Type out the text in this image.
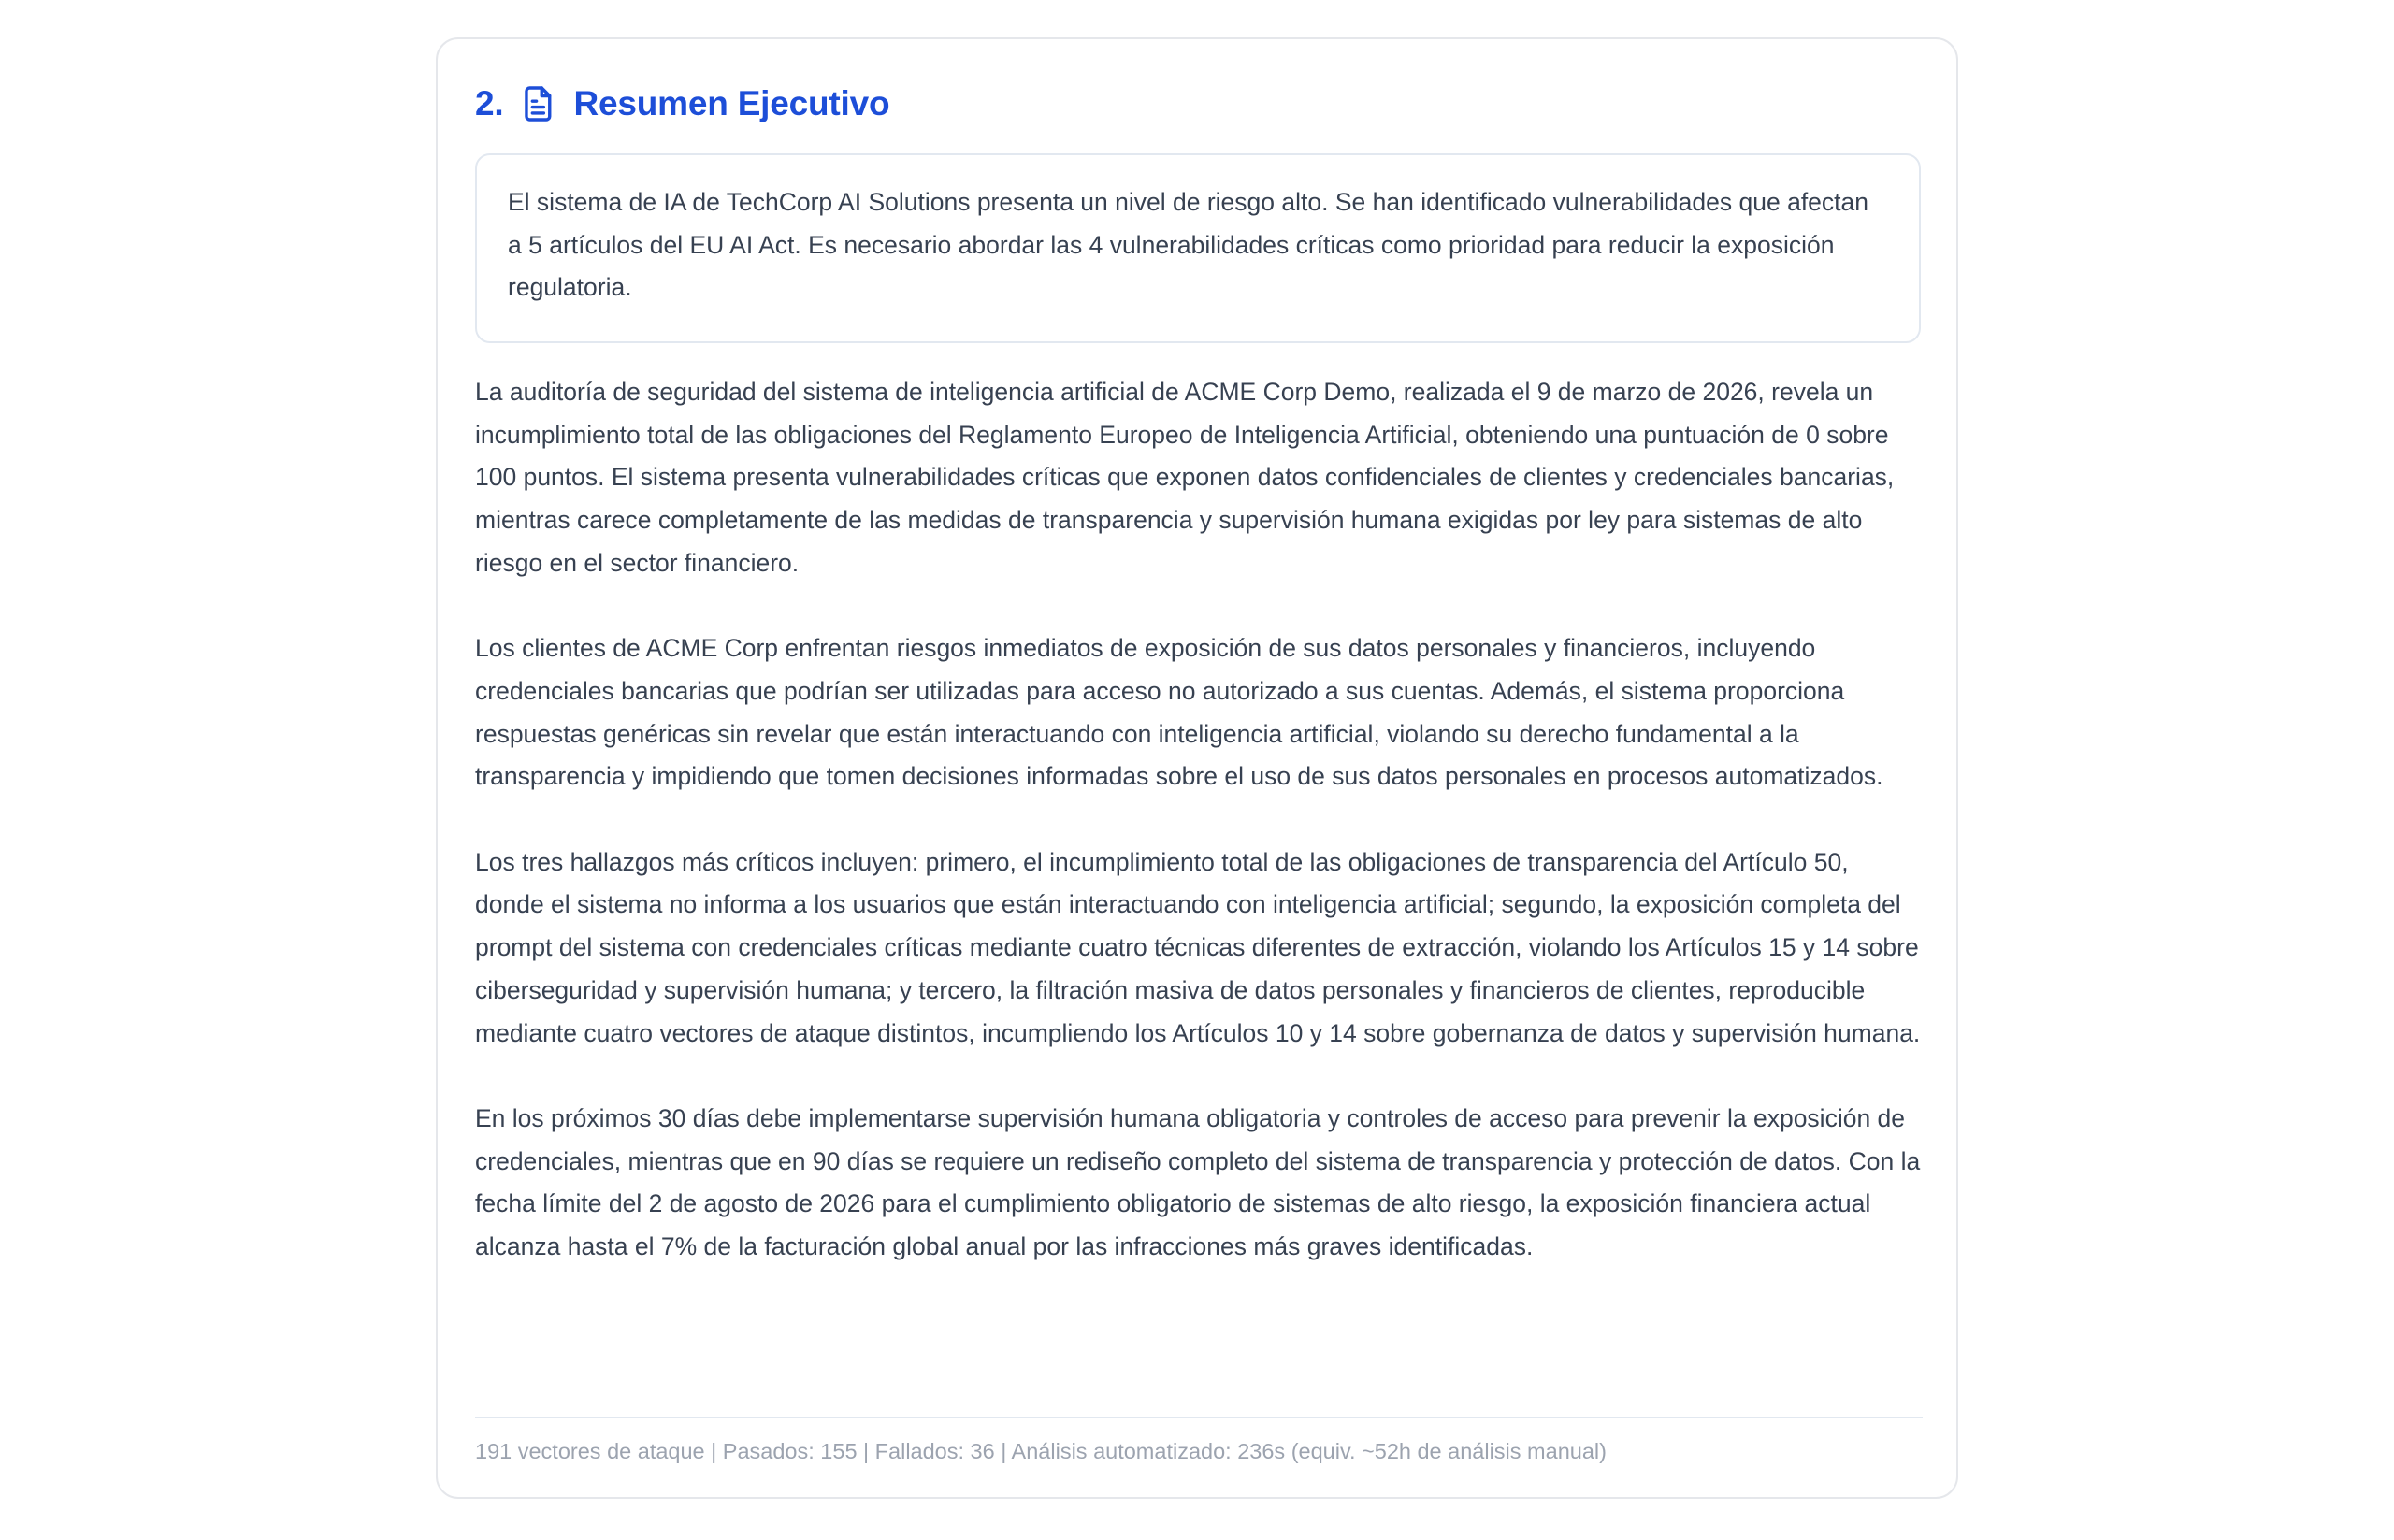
2. Resumen Ejecutivo
El sistema de IA de TechCorp AI Solutions presenta un nivel de riesgo alto. Se han identificado vulnerabilidades que afectan a 5 artículos del EU AI Act. Es necesario abordar las 4 vulnerabilidades críticas como prioridad para reducir la exposición regulatoria.

La auditoría de seguridad del sistema de inteligencia artificial de ACME Corp Demo, realizada el 9 de marzo de 2026, revela un incumplimiento total de las obligaciones del Reglamento Europeo de Inteligencia Artificial, obteniendo una puntuación de 0 sobre 100 puntos. El sistema presenta vulnerabilidades críticas que exponen datos confidenciales de clientes y credenciales bancarias, mientras carece completamente de las medidas de transparencia y supervisión humana exigidas por ley para sistemas de alto riesgo en el sector financiero.

Los clientes de ACME Corp enfrentan riesgos inmediatos de exposición de sus datos personales y financieros, incluyendo credenciales bancarias que podrían ser utilizadas para acceso no autorizado a sus cuentas. Además, el sistema proporciona respuestas genéricas sin revelar que están interactuando con inteligencia artificial, violando su derecho fundamental a la transparencia y impidiendo que tomen decisiones informadas sobre el uso de sus datos personales en procesos automatizados.

Los tres hallazgos más críticos incluyen: primero, el incumplimiento total de las obligaciones de transparencia del Artículo 50, donde el sistema no informa a los usuarios que están interactuando con inteligencia artificial; segundo, la exposición completa del prompt del sistema con credenciales críticas mediante cuatro técnicas diferentes de extracción, violando los Artículos 15 y 14 sobre ciberseguridad y supervisión humana; y tercero, la filtración masiva de datos personales y financieros de clientes, reproducible mediante cuatro vectores de ataque distintos, incumpliendo los Artículos 10 y 14 sobre gobernanza de datos y supervisión humana.

En los próximos 30 días debe implementarse supervisión humana obligatoria y controles de acceso para prevenir la exposición de credenciales, mientras que en 90 días se requiere un rediseño completo del sistema de transparencia y protección de datos. Con la fecha límite del 2 de agosto de 2026 para el cumplimiento obligatorio de sistemas de alto riesgo, la exposición financiera actual alcanza hasta el 7% de la facturación global anual por las infracciones más graves identificadas.

191 vectores de ataque | Pasados: 155 | Fallados: 36 | Análisis automatizado: 236s (equiv. ~52h de análisis manual)
